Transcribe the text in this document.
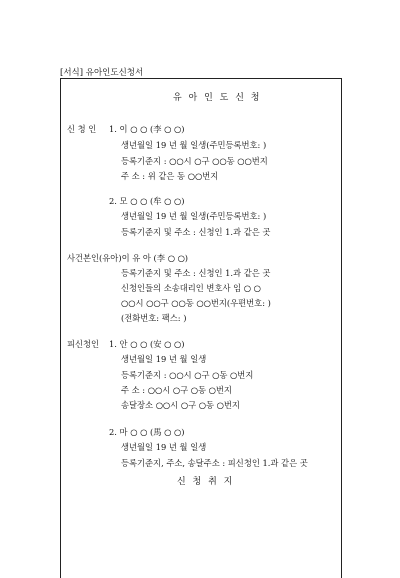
[서식] 유아인도신청서
유 아 인 도 신 청
신 청 인 1. 이 ○ ○ (李 ○ ○)
생년월일 19 년 월 일생(주민등록번호: )
등록기준지 : ○○시 ○구 ○○동 ○○번지
주 소 : 위 같은 동 ○○번지
2. 모 ○ ○ (牟 ○ ○)
생년월일 19 년 월 일생(주민등록번호: )
등록기준지 및 주소 : 신청인 1.과 같은 곳
사건본인(유아)이 유 아 (李 ○ ○)
등록기준지 및 주소 : 신청인 1.과 같은 곳
신청인들의 소송대리인 변호사 임 ○ ○
○○시 ○○구 ○○동 ○○번지(우편번호: )
(전화번호: 팩스: )
피신청인 1. 안 ○ ○ (安 ○ ○)
생년월일 19 년 월 일생
등록기준지 : ○○시 ○구 ○동 ○번지
주 소 : ○○시 ○구 ○동 ○번지
송달장소 ○○시 ○구 ○동 ○번지
2. 마 ○ ○ (馬 ○ ○)
생년월일 19 년 월 일생
등록기준지, 주소, 송달주소 : 피신청인 1.과 같은 곳
신 청 취 지
